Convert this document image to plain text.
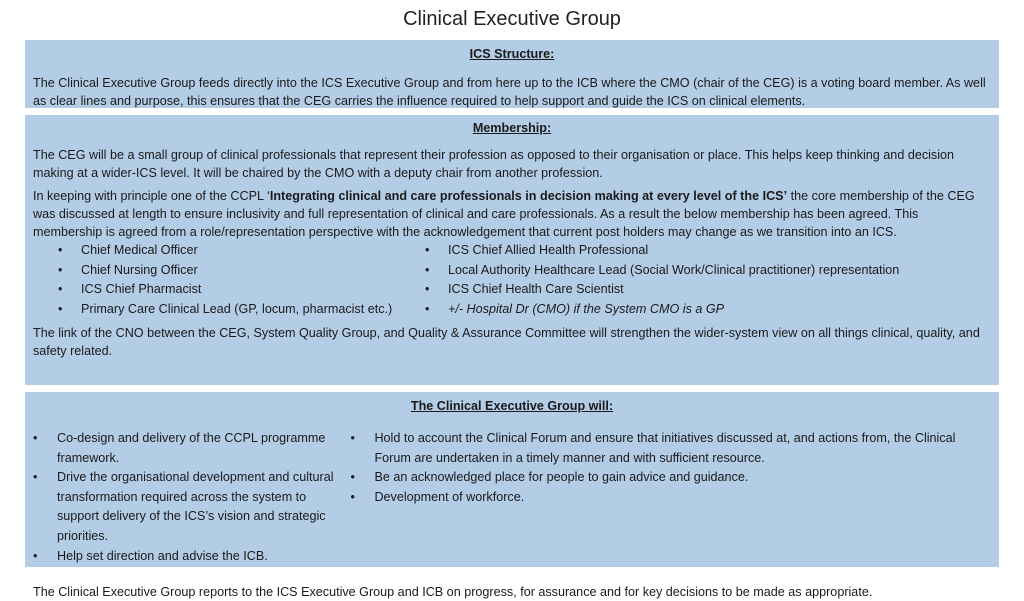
Clinical Executive Group
ICS Structure:

The Clinical Executive Group feeds directly into the ICS Executive Group and from here up to the ICB where the CMO (chair of the CEG) is a voting board member. As well as clear lines and purpose, this ensures that the CEG carries the influence required to help support and guide the ICS on clinical elements.

Membership:

The CEG will be a small group of clinical professionals that represent their profession as opposed to their organisation or place. This helps keep thinking and decision making at a wider-ICS level. It will be chaired by the CMO with a deputy chair from another profession.

In keeping with principle one of the CCPL ‘Integrating clinical and care professionals in decision making at every level of the ICS’ the core membership of the CEG was discussed at length to ensure inclusivity and full representation of clinical and care professionals. As a result the below membership has been agreed. This membership is agreed from a role/representation perspective with the acknowledgement that current post holders may change as we transition into an ICS.

• Chief Medical Officer
• Chief Nursing Officer
• ICS Chief Pharmacist
• Primary Care Clinical Lead (GP, locum, pharmacist etc.)
• ICS Chief Allied Health Professional
• Local Authority Healthcare Lead (Social Work/Clinical practitioner) representation
• ICS Chief Health Care Scientist
• +/- Hospital Dr (CMO) if the System CMO is a GP

The link of the CNO between the CEG, System Quality Group, and Quality & Assurance Committee will strengthen the wider-system view on all things clinical, quality, and safety related.

The Clinical Executive Group will:
• Co-design and delivery of the CCPL programme framework.
• Drive the organisational development and cultural transformation required across the system to support delivery of the ICS’s vision and strategic priorities.
• Help set direction and advise the ICB.
• Hold to account the Clinical Forum and ensure that initiatives discussed at, and actions from, the Clinical Forum are undertaken in a timely manner and with sufficient resource.
• Be an acknowledged place for people to gain advice and guidance.
• Development of workforce.

The Clinical Executive Group reports to the ICS Executive Group and ICB on progress, for assurance and for key decisions to be made as appropriate.
